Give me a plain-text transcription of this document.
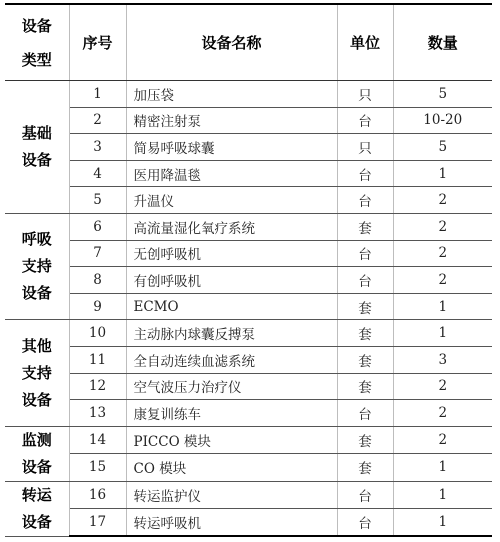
设备
类型	序号	设备名称	单位	数量

基础
设备	1	加压袋	只	5
	2	精密注射泵	台	10-20
	3	简易呼吸球囊	只	5
	4	医用降温毯	台	1
	5	升温仪	台	2

呼吸
支持
设备	6	高流量湿化氧疗系统	套	2
	7	无创呼吸机	台	2
	8	有创呼吸机	台	2
	9	ECMO	套	1

其他
支持
设备	10	主动脉内球囊反搏泵	套	1
	11	全自动连续血滤系统	套	3
	12	空气波压力治疗仪	套	2
	13	康复训练车	台	2

监测
设备	14	PICCO 模块	套	2
	15	CO 模块	套	1

转运
设备	16	转运监护仪	台	1
	17	转运呼吸机	台	1
